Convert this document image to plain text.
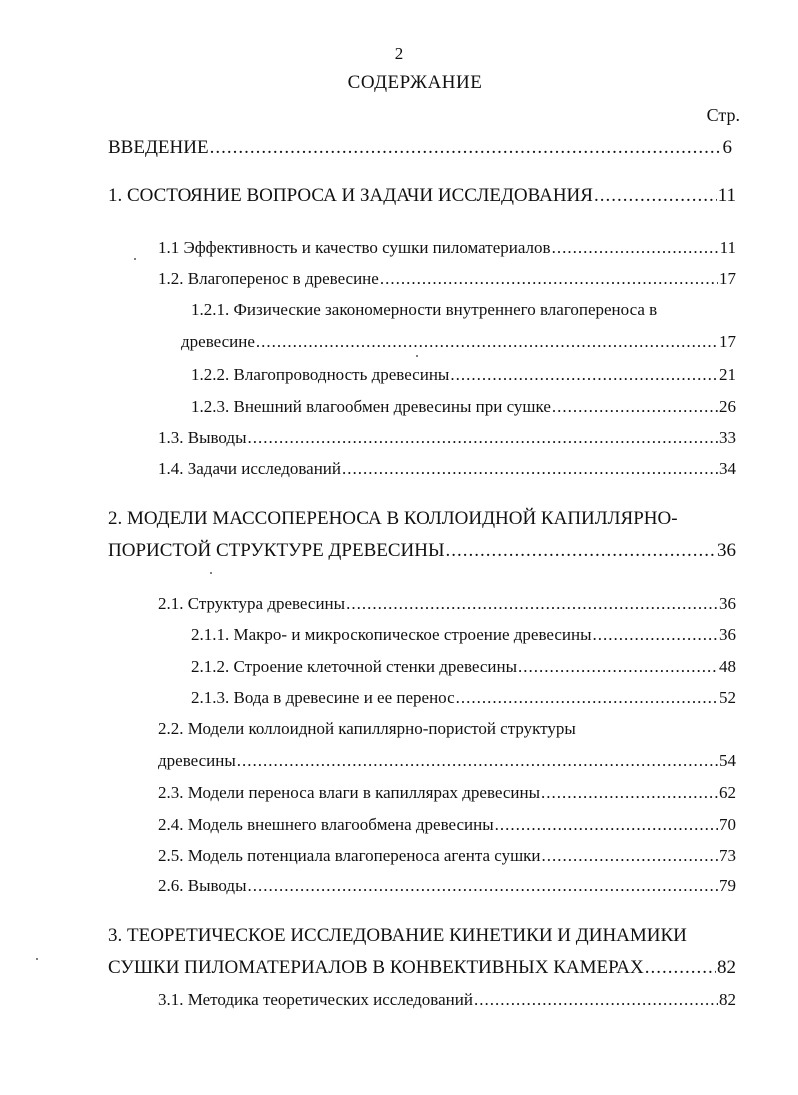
2
СОДЕРЖАНИЕ
Стр.
ВВЕДЕНИЕ .....	6
1. СОСТОЯНИЕ ВОПРОСА И ЗАДАЧИ ИССЛЕДОВАНИЯ .....	11
1.1 Эффективность и качество сушки пиломатериалов .....	11
1.2. Влагоперенос в древесине .....	17
1.2.1. Физические закономерности внутреннего влагопереноса в
древесине .....	17
1.2.2. Влагопроводность древесины .....	21
1.2.3. Внешний влагообмен древесины при сушке .....	26
1.3. Выводы .....	33
1.4. Задачи исследований .....	34
2. МОДЕЛИ МАССОПЕРЕНОСА В КОЛЛОИДНОЙ КАПИЛЛЯРНО-
ПОРИСТОЙ СТРУКТУРЕ ДРЕВЕСИНЫ .....	36
2.1. Структура древесины .....	36
2.1.1. Макро- и микроскопическое строение древесины .....	36
2.1.2. Строение клеточной стенки древесины .....	48
2.1.3. Вода в древесине и ее перенос .....	52
2.2. Модели коллоидной капиллярно-пористой структуры
древесины .....	54
2.3. Модели переноса влаги в капиллярах древесины .....	62
2.4. Модель внешнего влагообмена древесины .....	70
2.5. Модель потенциала влагопереноса агента сушки .....	73
2.6. Выводы .....	79
3. ТЕОРЕТИЧЕСКОЕ ИССЛЕДОВАНИЕ КИНЕТИКИ И ДИНАМИКИ
СУШКИ ПИЛОМАТЕРИАЛОВ В КОНВЕКТИВНЫХ КАМЕРАХ .....	82
3.1. Методика теоретических исследований .....	82
